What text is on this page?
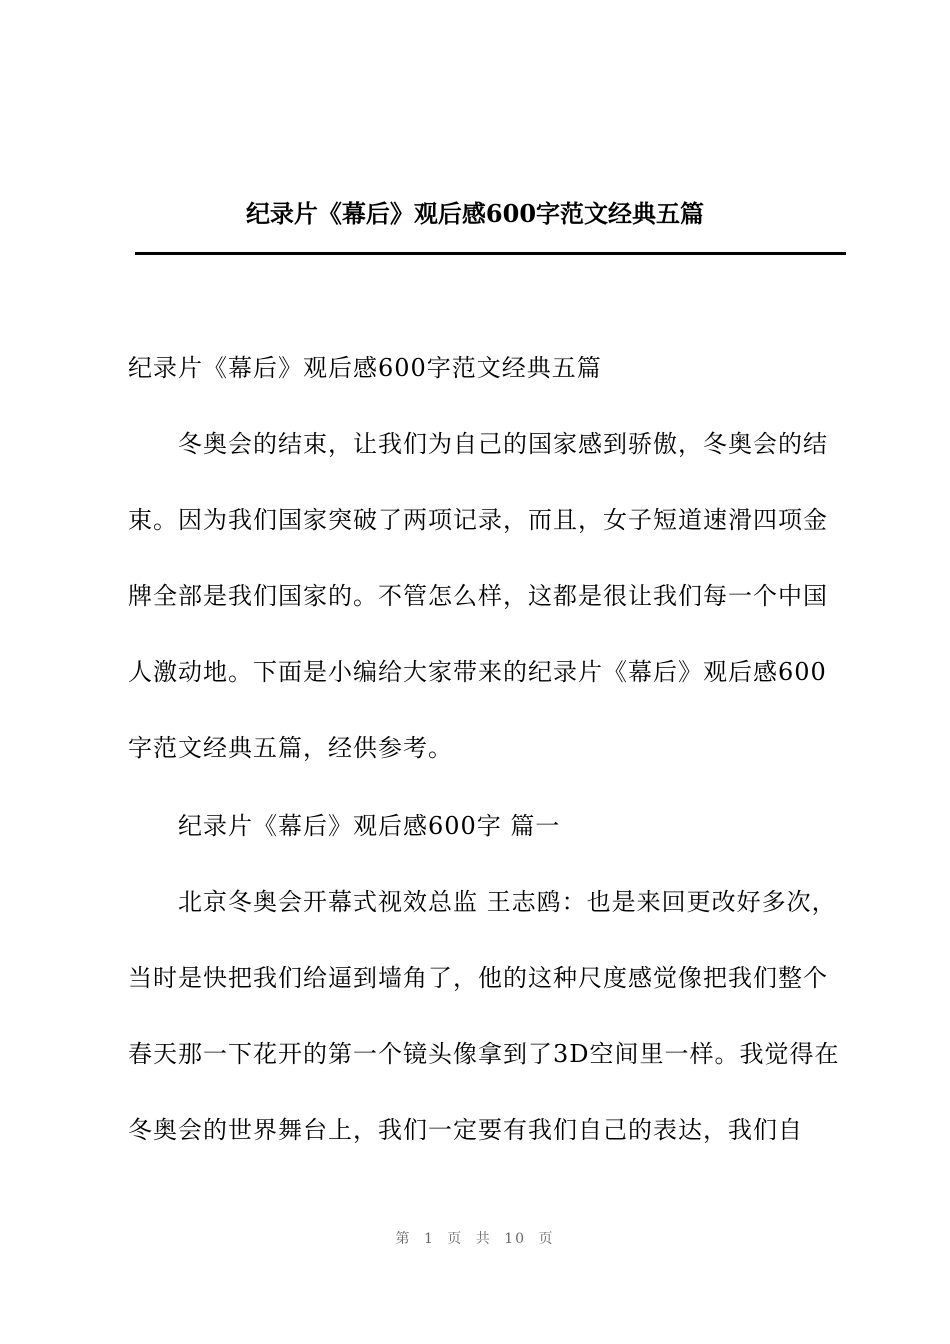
纪录片《幕后》观后感600字范文经典五篇

纪录片《幕后》观后感600字范文经典五篇

冬奥会的结束，让我们为自己的国家感到骄傲，冬奥会的结束。因为我们国家突破了两项记录，而且，女子短道速滑四项金牌全部是我们国家的。不管怎么样，这都是很让我们每一个中国人激动地。下面是小编给大家带来的纪录片《幕后》观后感600字范文经典五篇，经供参考。

纪录片《幕后》观后感600字 篇一

北京冬奥会开幕式视效总监 王志鸥：也是来回更改好多次，当时是快把我们给逼到墙角了，他的这种尺度感觉像把我们整个春天那一下花开的第一个镜头像拿到了3D空间里一样。我觉得在冬奥会的世界舞台上，我们一定要有我们自己的表达，我们自

第 1 页 共 10 页
